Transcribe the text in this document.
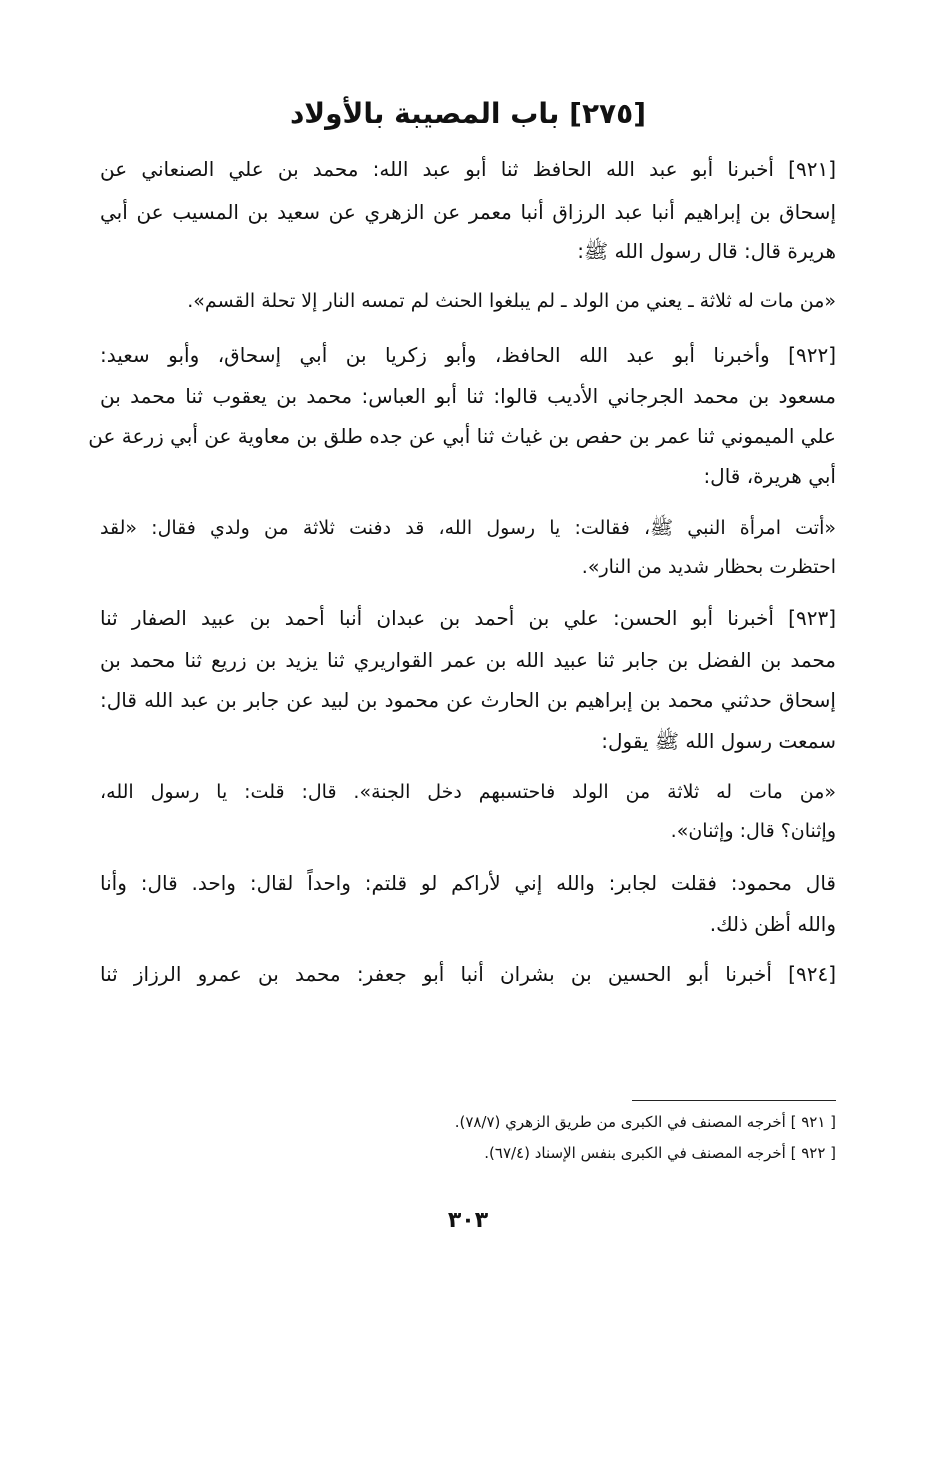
[٢٧٥] باب المصيبة بالأولاد
[٩٢١] أخبرنا أبو عبد الله الحافظ ثنا أبو عبد الله: محمد بن علي الصنعاني عن
إسحاق بن إبراهيم أنبا عبد الرزاق أنبا معمر عن الزهري عن سعيد بن المسيب عن أبي
هريرة قال: قال رسول الله ﷺ:
«من مات له ثلاثة ـ يعني من الولد ـ لم يبلغوا الحنث لم تمسه النار إلا تحلة القسم».
[٩٢٢] وأخبرنا أبو عبد الله الحافظ، وأبو زكريا بن أبي إسحاق، وأبو سعيد:
مسعود بن محمد الجرجاني الأديب قالوا: ثنا أبو العباس: محمد بن يعقوب ثنا محمد بن
علي الميموني ثنا عمر بن حفص بن غياث ثنا أبي عن جده طلق بن معاوية عن أبي زرعة عن
أبي هريرة، قال:
«أتت امرأة النبي ﷺ، فقالت: يا رسول الله، قد دفنت ثلاثة من ولدي فقال: «لقد
احتظرت بحظار شديد من النار».
[٩٢٣] أخبرنا أبو الحسن: علي بن أحمد بن عبدان أنبا أحمد بن عبيد الصفار ثنا
محمد بن الفضل بن جابر ثنا عبيد الله بن عمر القواريري ثنا يزيد بن زريع ثنا محمد بن
إسحاق حدثني محمد بن إبراهيم بن الحارث عن محمود بن لبيد عن جابر بن عبد الله قال:
سمعت رسول الله ﷺ يقول:
«من مات له ثلاثة من الولد فاحتسبهم دخل الجنة». قال: قلت: يا رسول الله،
وإثنان؟ قال: وإثنان».
قال محمود: فقلت لجابر: والله إني لأراكم لو قلتم: واحداً لقال: واحد. قال: وأنا
والله أظن ذلك.
[٩٢٤] أخبرنا أبو الحسين بن بشران أنبا أبو جعفر: محمد بن عمرو الرزاز ثنا
[ ٩٢١ ] أخرجه المصنف في الكبرى من طريق الزهري (٧٨/٧).
[ ٩٢٢ ] أخرجه المصنف في الكبرى بنفس الإسناد (٦٧/٤).
٣٠٣
